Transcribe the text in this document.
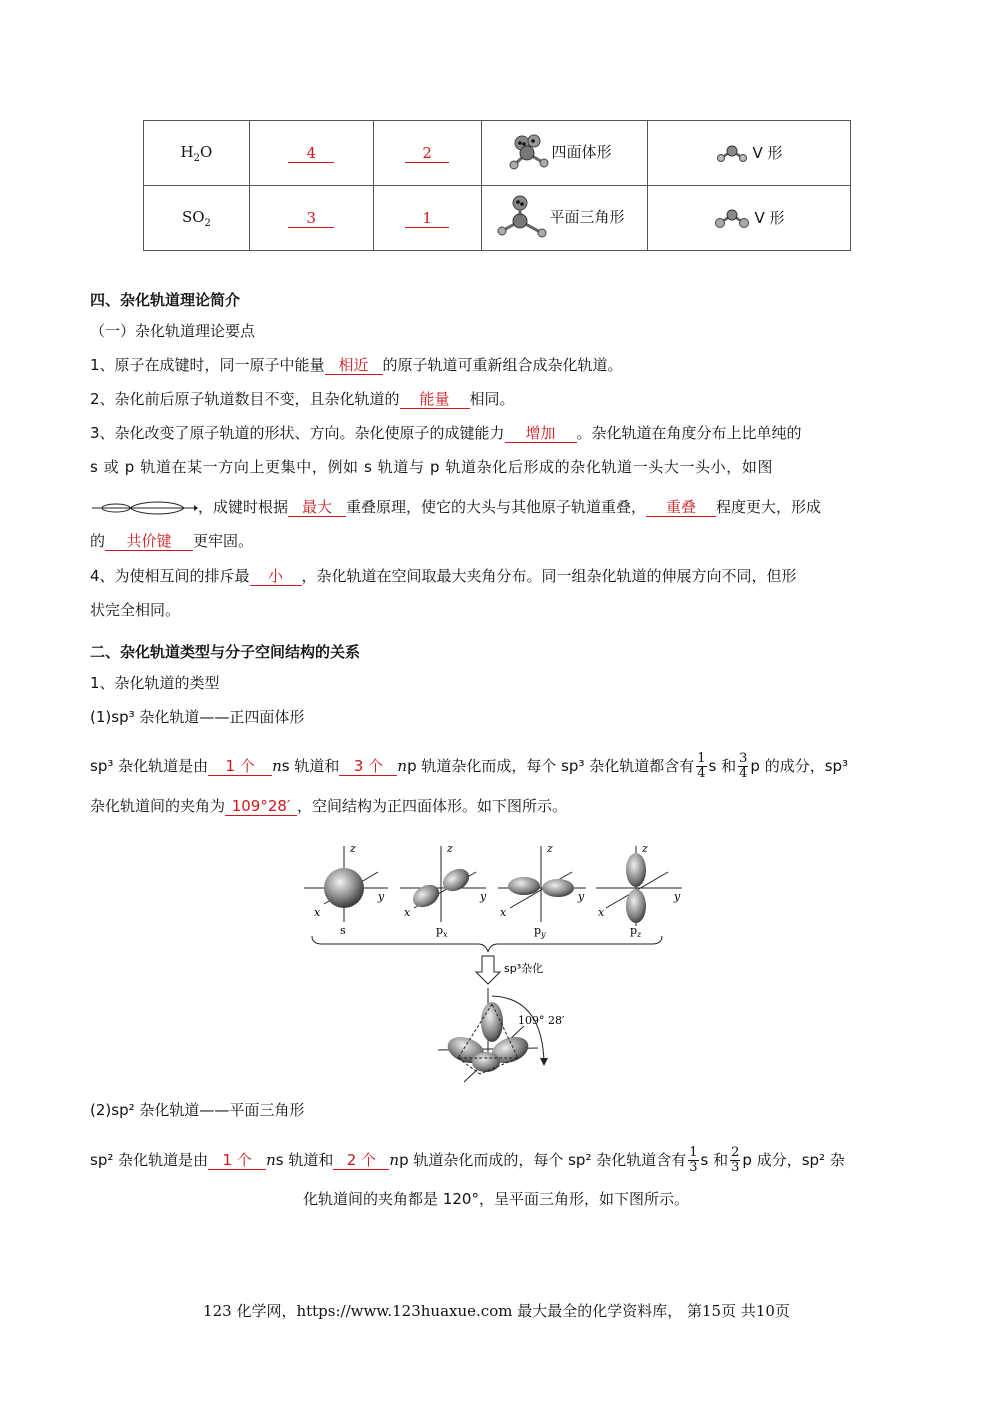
$H_2O$	4	2	四面体形	V 形
$SO_2$	3	1	平面三角形	V 形
四、杂化轨道理论简介
（一）杂化轨道理论要点
1、原子在成键时，同一原子中能量 相近 的原子轨道可重新组合成杂化轨道。
2、杂化前后原子轨道数目不变，且杂化轨道的 能量 相同。
3、杂化改变了原子轨道的形状、方向。杂化使原子的成键能力 增加 。杂化轨道在角度分布上比单纯的
s 或 p 轨道在某一方向上更集中，例如 s 轨道与 p 轨道杂化后形成的杂化轨道一头大一头小，如图
，成键时根据 最大 重叠原理，使它的大头与其他原子轨道重叠， 重叠 程度更大，形成
的 共价键 更牢固。
4、为使相互间的排斥最 小 ，杂化轨道在空间取最大夹角分布。同一组杂化轨道的伸展方向不同，但形
状完全相同。
二、杂化轨道类型与分子空间结构的关系
1、杂化轨道的类型
(1)sp³ 杂化轨道——正四面体形
sp³ 杂化轨道是由 1 个 ns 轨道和 3 个 np 轨道杂化而成，每个 sp³ 杂化轨道都含有 $\frac{1}{4}$ s 和 $\frac{3}{4}$ p 的成分，sp³
杂化轨道间的夹角为 109°28′ ，空间结构为正四面体形。如下图所示。
z
x
y
s
z
x
y
$p_x$
z
x
y
$p_y$
z
x
y
$p_z$
sp³杂化
109° 28′
(2)sp² 杂化轨道——平面三角形
sp² 杂化轨道是由 1 个 ns 轨道和 2 个 np 轨道杂化而成的，每个 sp² 杂化轨道含有 $\frac{1}{3}$ s 和 $\frac{2}{3}$ p 成分，sp² 杂
化轨道间的夹角都是 120°，呈平面三角形，如下图所示。
123 化学网，https://www.123huaxue.com 最大最全的化学资料库， 第15页 共10页
